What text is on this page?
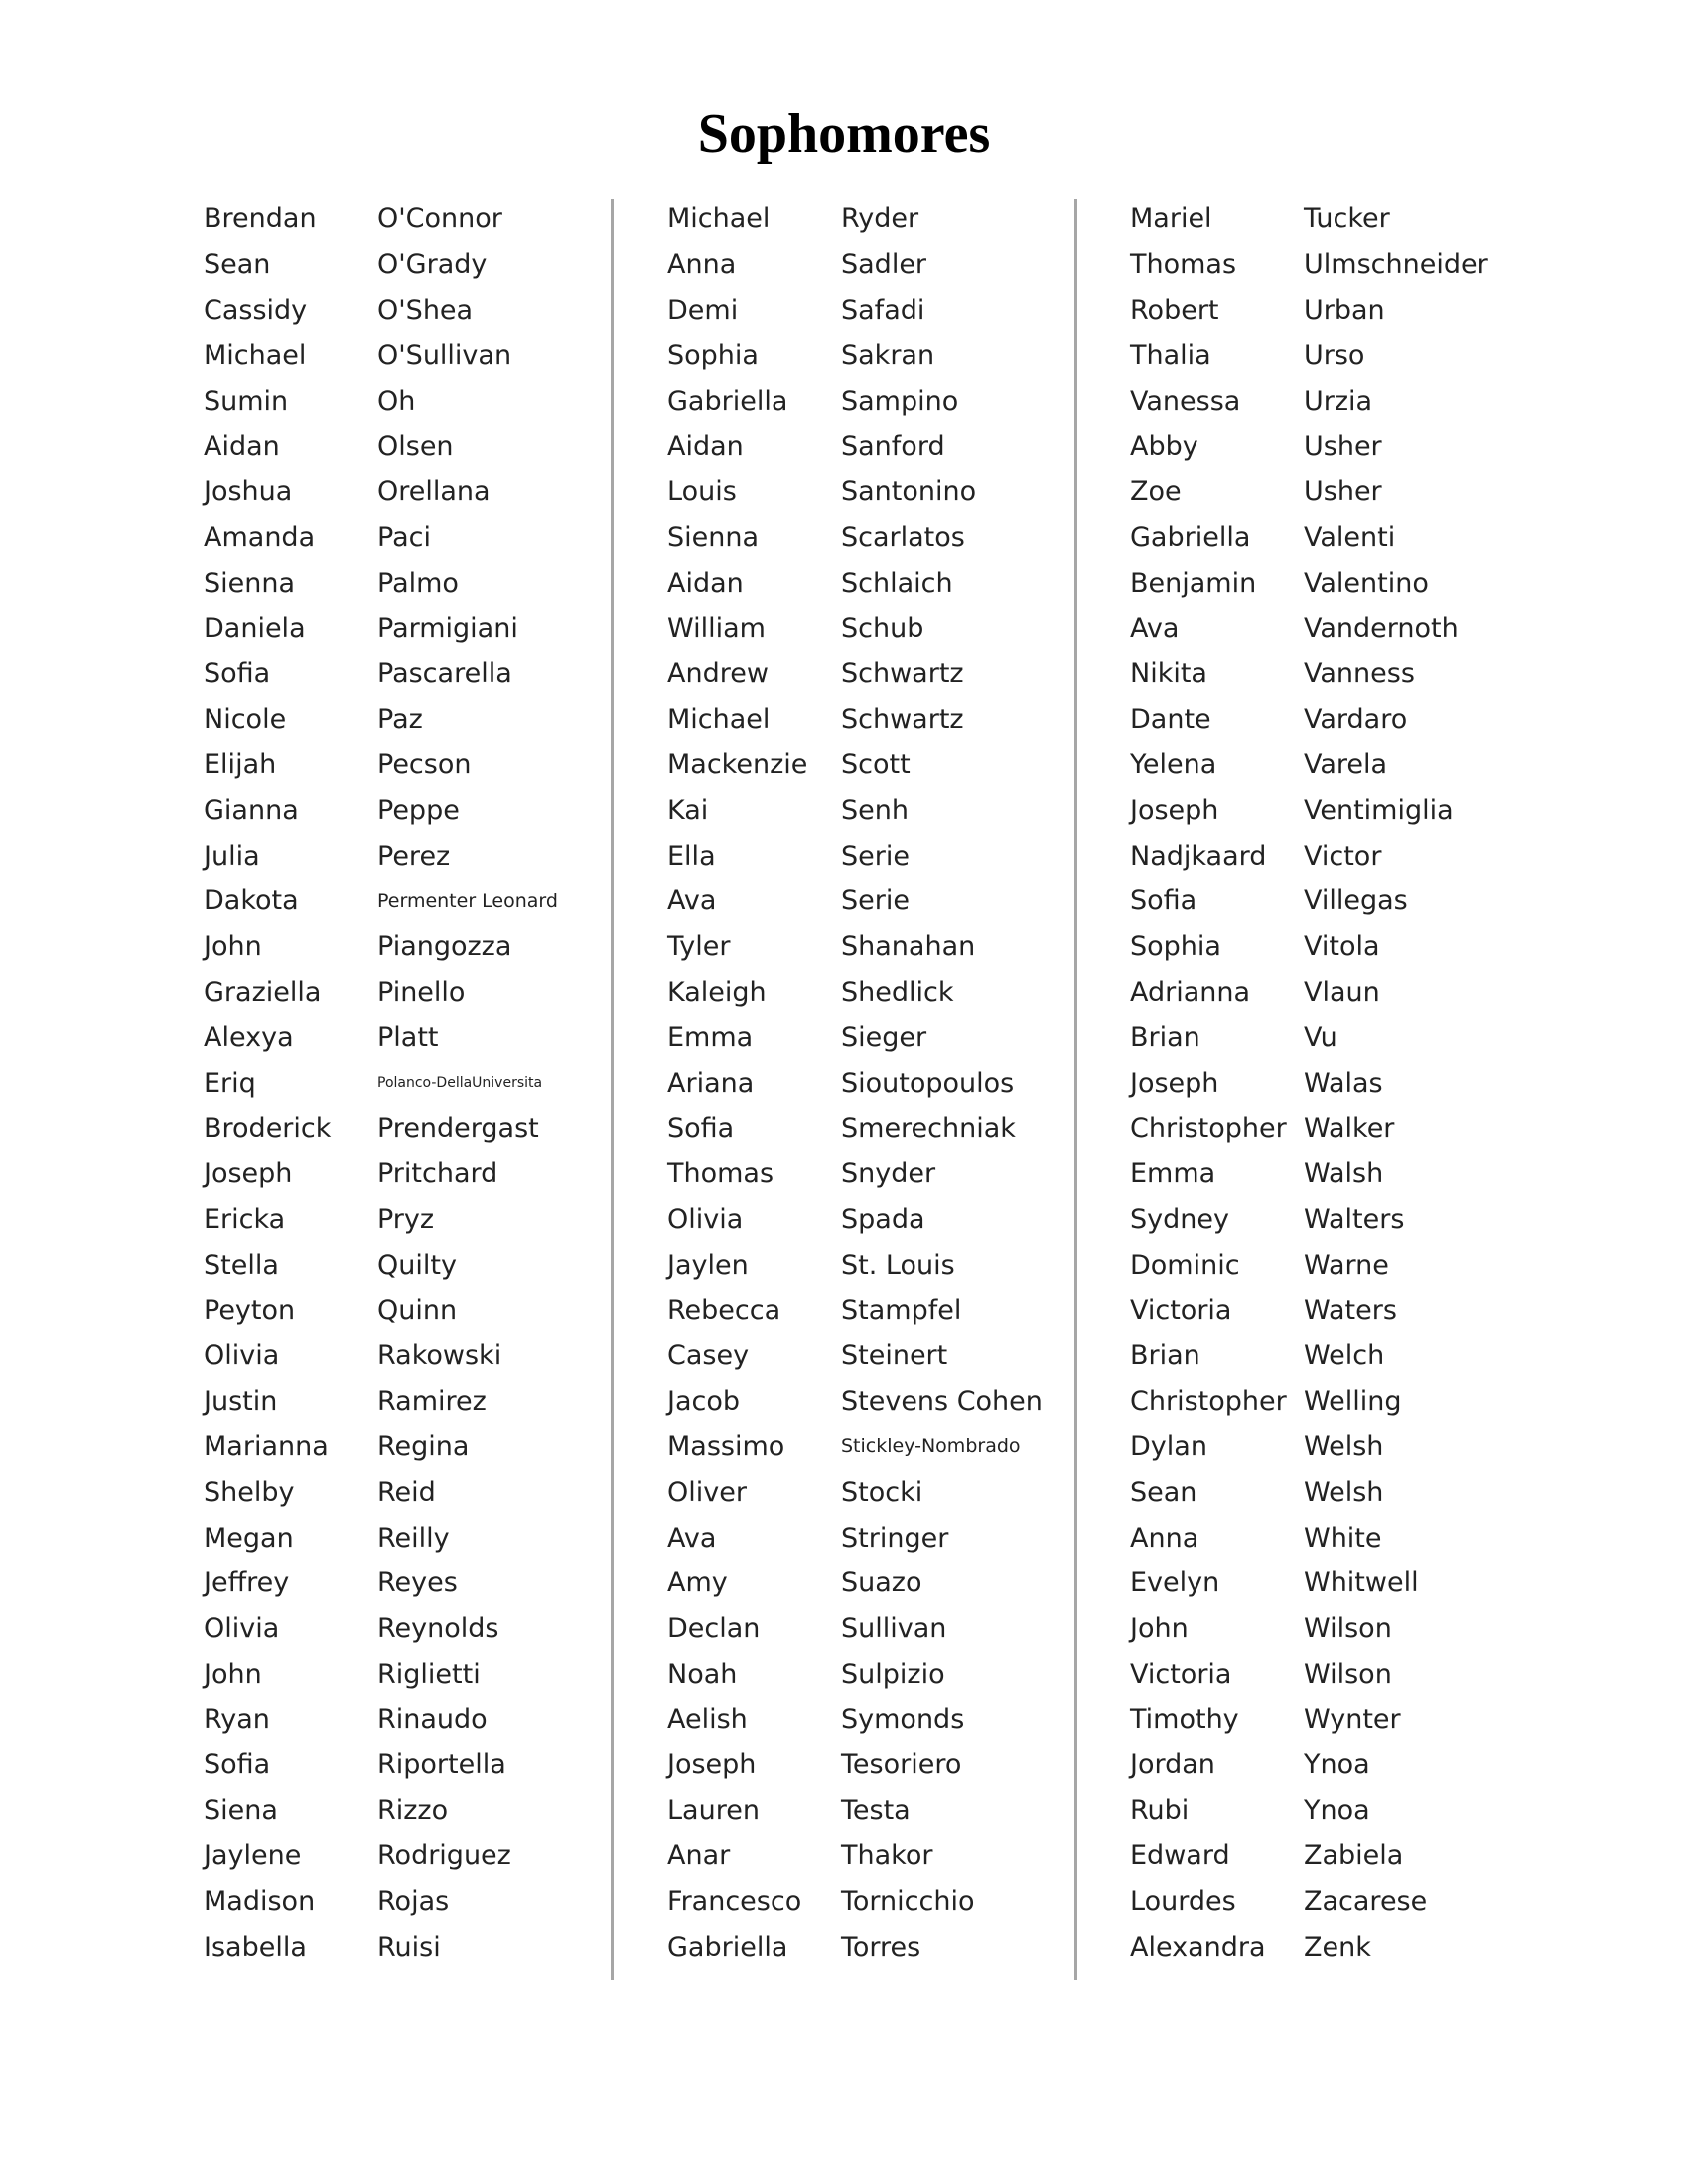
Sophomores
Brendan	O'Connor
Sean	O'Grady
Cassidy	O'Shea
Michael	O'Sullivan
Sumin	Oh
Aidan	Olsen
Joshua	Orellana
Amanda	Paci
Sienna	Palmo
Daniela	Parmigiani
Sofia	Pascarella
Nicole	Paz
Elijah	Pecson
Gianna	Peppe
Julia	Perez
Dakota	Permenter Leonard
John	Piangozza
Graziella	Pinello
Alexya	Platt
Eriq	Polanco-DellaUniversita
Broderick	Prendergast
Joseph	Pritchard
Ericka	Pryz
Stella	Quilty
Peyton	Quinn
Olivia	Rakowski
Justin	Ramirez
Marianna	Regina
Shelby	Reid
Megan	Reilly
Jeffrey	Reyes
Olivia	Reynolds
John	Riglietti
Ryan	Rinaudo
Sofia	Riportella
Siena	Rizzo
Jaylene	Rodriguez
Madison	Rojas
Isabella	Ruisi
Michael	Ryder
Anna	Sadler
Demi	Safadi
Sophia	Sakran
Gabriella	Sampino
Aidan	Sanford
Louis	Santonino
Sienna	Scarlatos
Aidan	Schlaich
William	Schub
Andrew	Schwartz
Michael	Schwartz
Mackenzie	Scott
Kai	Senh
Ella	Serie
Ava	Serie
Tyler	Shanahan
Kaleigh	Shedlick
Emma	Sieger
Ariana	Sioutopoulos
Sofia	Smerechniak
Thomas	Snyder
Olivia	Spada
Jaylen	St. Louis
Rebecca	Stampfel
Casey	Steinert
Jacob	Stevens Cohen
Massimo	Stickley-Nombrado
Oliver	Stocki
Ava	Stringer
Amy	Suazo
Declan	Sullivan
Noah	Sulpizio
Aelish	Symonds
Joseph	Tesoriero
Lauren	Testa
Anar	Thakor
Francesco	Tornicchio
Gabriella	Torres
Mariel	Tucker
Thomas	Ulmschneider
Robert	Urban
Thalia	Urso
Vanessa	Urzia
Abby	Usher
Zoe	Usher
Gabriella	Valenti
Benjamin	Valentino
Ava	Vandernoth
Nikita	Vanness
Dante	Vardaro
Yelena	Varela
Joseph	Ventimiglia
Nadjkaard	Victor
Sofia	Villegas
Sophia	Vitola
Adrianna	Vlaun
Brian	Vu
Joseph	Walas
Christopher Walker
Emma	Walsh
Sydney	Walters
Dominic	Warne
Victoria	Waters
Brian	Welch
Christopher Welling
Dylan	Welsh
Sean	Welsh
Anna	White
Evelyn	Whitwell
John	Wilson
Victoria	Wilson
Timothy	Wynter
Jordan	Ynoa
Rubi	Ynoa
Edward	Zabiela
Lourdes	Zacarese
Alexandra	Zenk
